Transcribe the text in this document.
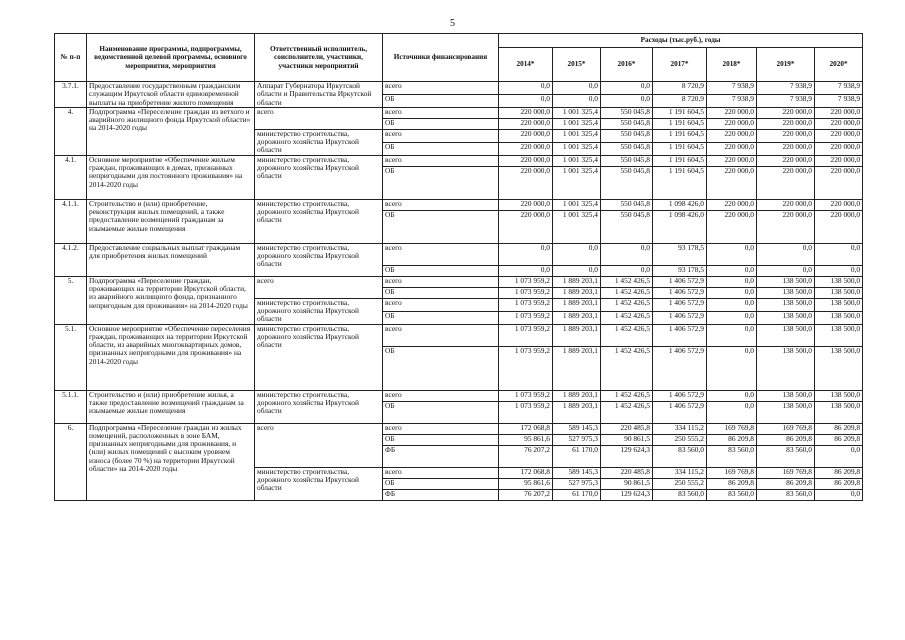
5
№ п-п	Наименование программы, подпрограммы, ведомственной целевой программы, основного мероприятия, мероприятия	Ответственный исполнитель, соисполнители, участники, участники мероприятий	Источники финансирования	Расходы (тыс.руб.), годы						
				2014*	2015*	2016*	2017*	2018*	2019*	2020*
3.7.1.	Предоставление государственным гражданским служащим Иркутской области единовременной выплаты на приобретение жилого помещения	Аппарат Губернатора Иркутской области и Правительства Иркутской области	всего	0,0	0,0	0,0	8 720,9	7 938,9	7 938,9	7 938,9
			ОБ	0,0	0,0	0,0	8 720,9	7 938,9	7 938,9	7 938,9
4.	Подпрограмма «Переселение граждан из ветхого и аварийного жилищного фонда Иркутской области» на 2014-2020 годы	всего	всего	220 000,0	1 001 325,4	550 045,8	1 191 604,5	220 000,0	220 000,0	220 000,0
			ОБ	220 000,0	1 001 325,4	550 045,8	1 191 604,5	220 000,0	220 000,0	220 000,0
		министерство строительства, дорожного хозяйства Иркутской области	всего	220 000,0	1 001 325,4	550 045,8	1 191 604,5	220 000,0	220 000,0	220 000,0
			ОБ	220 000,0	1 001 325,4	550 045,8	1 191 604,5	220 000,0	220 000,0	220 000,0
4.1.	Основное мероприятие «Обеспечение жильем граждан, проживающих в домах, признанных непригодными для постоянного проживания» на 2014-2020 годы	министерство строительства, дорожного хозяйства Иркутской области	всего	220 000,0	1 001 325,4	550 045,8	1 191 604,5	220 000,0	220 000,0	220 000,0
			ОБ	220 000,0	1 001 325,4	550 045,8	1 191 604,5	220 000,0	220 000,0	220 000,0
4.1.1.	Строительство и (или) приобретение, реконструкция жилых помещений, а также предоставление возмещений гражданам за изымаемые жилые помещения	министерство строительства, дорожного хозяйства Иркутской области	всего	220 000,0	1 001 325,4	550 045,8	1 098 426,0	220 000,0	220 000,0	220 000,0
			ОБ	220 000,0	1 001 325,4	550 045,8	1 098 426,0	220 000,0	220 000,0	220 000,0
4.1.2.	Предоставление социальных выплат гражданам для приобретения жилых помещений	министерство строительства, дорожного хозяйства Иркутской области	всего	0,0	0,0	0,0	93 178,5	0,0	0,0	0,0
			ОБ	0,0	0,0	0,0	93 178,5	0,0	0,0	0,0
5.	Подпрограмма «Переселение граждан, проживающих на территории Иркутской области, из аварийного жилищного фонда, признанного непригодным для проживания» на 2014-2020 годы	всего	всего	1 073 959,2	1 889 203,1	1 452 426,5	1 406 572,9	0,0	138 500,0	138 500,0
			ОБ	1 073 959,2	1 889 203,1	1 452 426,5	1 406 572,9	0,0	138 500,0	138 500,0
		министерство строительства, дорожного хозяйства Иркутской области	всего	1 073 959,2	1 889 203,1	1 452 426,5	1 406 572,9	0,0	138 500,0	138 500,0
			ОБ	1 073 959,2	1 889 203,1	1 452 426,5	1 406 572,9	0,0	138 500,0	138 500,0
5.1.	Основное мероприятие «Обеспечение переселения граждан, проживающих на территории Иркутской области, из аварийных многоквартирных домов, признанных непригодными для проживания» на 2014-2020 годы	министерство строительства, дорожного хозяйства Иркутской области	всего	1 073 959,2	1 889 203,1	1 452 426,5	1 406 572,9	0,0	138 500,0	138 500,0
			ОБ	1 073 959,2	1 889 203,1	1 452 426,5	1 406 572,9	0,0	138 500,0	138 500,0
5.1.1.	Строительство и (или) приобретение жилья, а также предоставление возмещений гражданам за изымаемые жилые помещения	министерство строительства, дорожного хозяйства Иркутской области	всего	1 073 959,2	1 889 203,1	1 452 426,5	1 406 572,9	0,0	138 500,0	138 500,0
			ОБ	1 073 959,2	1 889 203,1	1 452 426,5	1 406 572,9	0,0	138 500,0	138 500,0
6.	Подпрограмма «Переселение граждан из жилых помещений, расположенных в зоне БАМ, признанных непригодными для проживания, и (или) жилых помещений с высоким уровнем износа (более 70 %) на территории Иркутской области» на 2014-2020 годы	всего	всего	172 068,8	589 145,3	220 485,8	334 115,2	169 769,8	169 769,8	86 209,8
			ОБ	95 861,6	527 975,3	90 861,5	250 555,2	86 209,8	86 209,8	86 209,8
			ФБ	76 207,2	61 170,0	129 624,3	83 560,0	83 560,0	83 560,0	0,0
		министерство строительства, дорожного хозяйства Иркутской области	всего	172 068,8	589 145,3	220 485,8	334 115,2	169 769,8	169 769,8	86 209,8
			ОБ	95 861,6	527 975,3	90 861,5	250 555,2	86 209,8	86 209,8	86 209,8
			ФБ	76 207,2	61 170,0	129 624,3	83 560,0	83 560,0	83 560,0	0,0
